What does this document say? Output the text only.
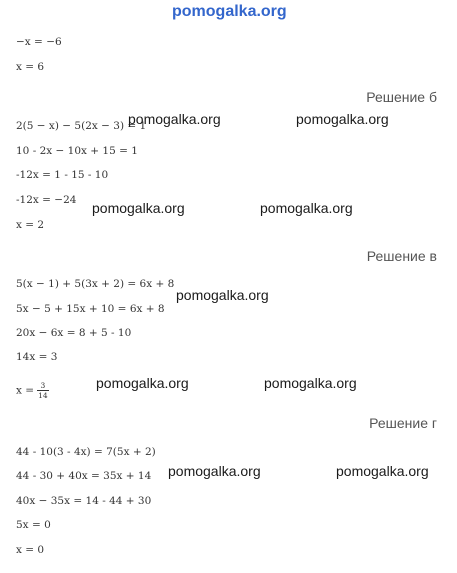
pomogalka.org
−x = −6
x = 6
Решение б
2(5 − x) − 5(2x − 3) = 1
10 - 2x − 10x + 15 = 1
-12x = 1 - 15 - 10
-12x = −24
x = 2
pomogalka.org	pomogalka.org
pomogalka.org	pomogalka.org
Решение в
5(x − 1) + 5(3x + 2) = 6x + 8
5x − 5 + 15x + 10 = 6x + 8
20x − 6x = 8 + 5 - 10
14x = 3
$x = \frac{3}{14}$
pomogalka.org
pomogalka.org	pomogalka.org
Решение г
44 - 10(3 - 4x) = 7(5x + 2)
44 - 30 + 40x = 35x + 14
40x − 35x = 14 - 44 + 30
5x = 0
x = 0
pomogalka.org	pomogalka.org
